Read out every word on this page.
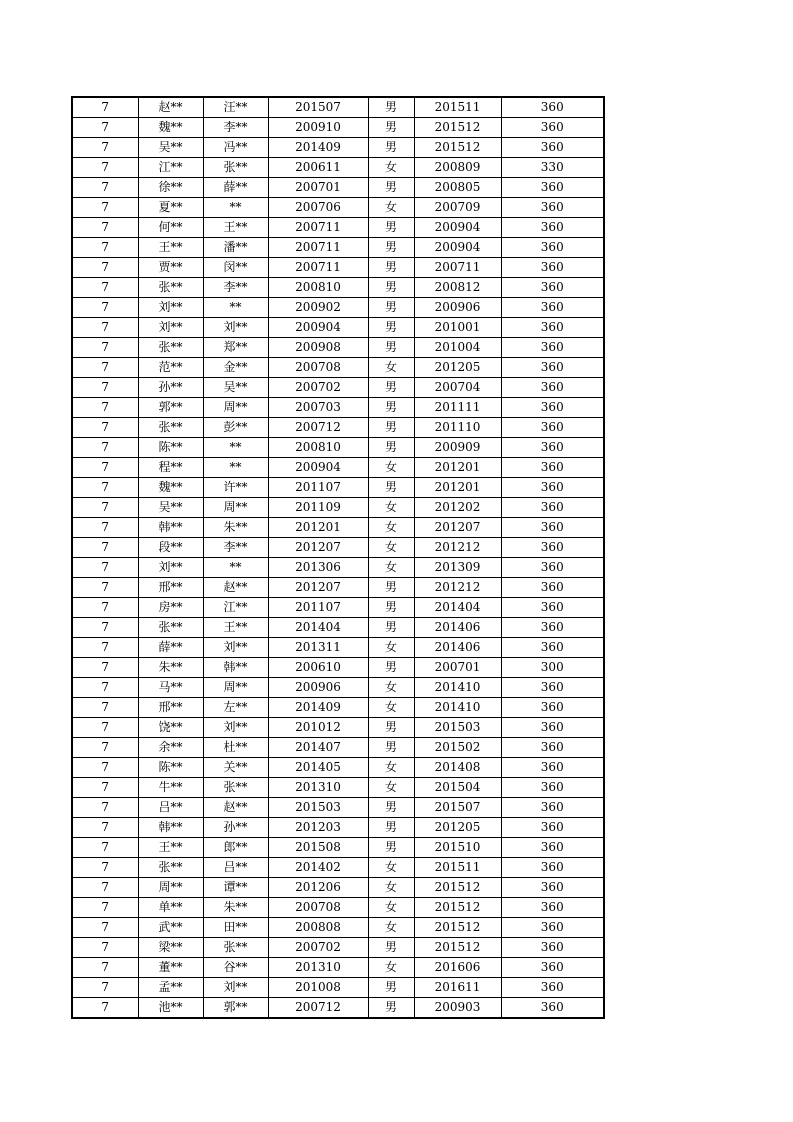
7	赵**	汪**	201507	男	201511	360
7	魏**	李**	200910	男	201512	360
7	吴**	冯**	201409	男	201512	360
7	江**	张**	200611	女	200809	330
7	徐**	薛**	200701	男	200805	360
7	夏**	**	200706	女	200709	360
7	何**	王**	200711	男	200904	360
7	王**	潘**	200711	男	200904	360
7	贾**	闵**	200711	男	200711	360
7	张**	李**	200810	男	200812	360
7	刘**	**	200902	男	200906	360
7	刘**	刘**	200904	男	201001	360
7	张**	郑**	200908	男	201004	360
7	范**	金**	200708	女	201205	360
7	孙**	吴**	200702	男	200704	360
7	郭**	周**	200703	男	201111	360
7	张**	彭**	200712	男	201110	360
7	陈**	**	200810	男	200909	360
7	程**	**	200904	女	201201	360
7	魏**	许**	201107	男	201201	360
7	吴**	周**	201109	女	201202	360
7	韩**	朱**	201201	女	201207	360
7	段**	李**	201207	女	201212	360
7	刘**	**	201306	女	201309	360
7	邢**	赵**	201207	男	201212	360
7	房**	江**	201107	男	201404	360
7	张**	王**	201404	男	201406	360
7	薛**	刘**	201311	女	201406	360
7	朱**	韩**	200610	男	200701	300
7	马**	周**	200906	女	201410	360
7	邢**	左**	201409	女	201410	360
7	饶**	刘**	201012	男	201503	360
7	余**	杜**	201407	男	201502	360
7	陈**	关**	201405	女	201408	360
7	牛**	张**	201310	女	201504	360
7	吕**	赵**	201503	男	201507	360
7	韩**	孙**	201203	男	201205	360
7	王**	郎**	201508	男	201510	360
7	张**	吕**	201402	女	201511	360
7	周**	谭**	201206	女	201512	360
7	单**	朱**	200708	女	201512	360
7	武**	田**	200808	女	201512	360
7	梁**	张**	200702	男	201512	360
7	董**	谷**	201310	女	201606	360
7	孟**	刘**	201008	男	201611	360
7	池**	郭**	200712	男	200903	360
